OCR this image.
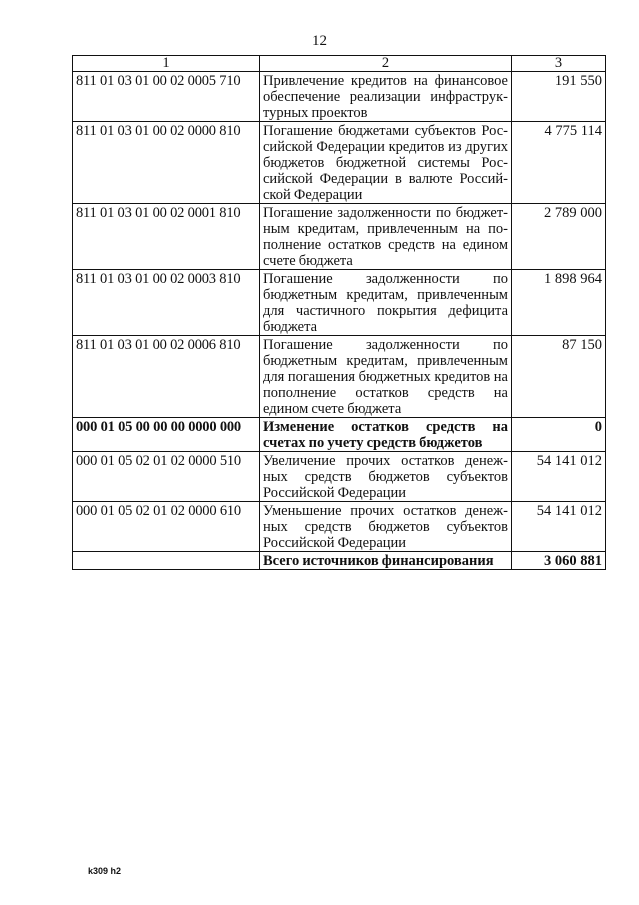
12
1	2	3
811 01 03 01 00 02 0005 710	Привлечение кредитов на финансовое обеспечение реализации инфраструк-турных проектов	191 550
811 01 03 01 00 02 0000 810	Погашение бюджетами субъектов Рос-сийской Федерации кредитов из других бюджетов бюджетной системы Рос-сийской Федерации в валюте Россий-ской Федерации	4 775 114
811 01 03 01 00 02 0001 810	Погашение задолженности по бюджет-ным кредитам, привлеченным на по-полнение остатков средств на едином счете бюджета	2 789 000
811 01 03 01 00 02 0003 810	Погашение задолженности по бюджетным кредитам, привлеченным для частичного покрытия дефицита бюджета	1 898 964
811 01 03 01 00 02 0006 810	Погашение задолженности по бюджетным кредитам, привлеченным для погашения бюджетных кредитов на пополнение остатков средств на едином счете бюджета	87 150
000 01 05 00 00 00 0000 000	Изменение остатков средств на счетах по учету средств бюджетов	0
000 01 05 02 01 02 0000 510	Увеличение прочих остатков денеж-ных средств бюджетов субъектов Российской Федерации	54 141 012
000 01 05 02 01 02 0000 610	Уменьшение прочих остатков денеж-ных средств бюджетов субъектов Российской Федерации	54 141 012
	Всего источников финансирования	3 060 881
k309 h2
